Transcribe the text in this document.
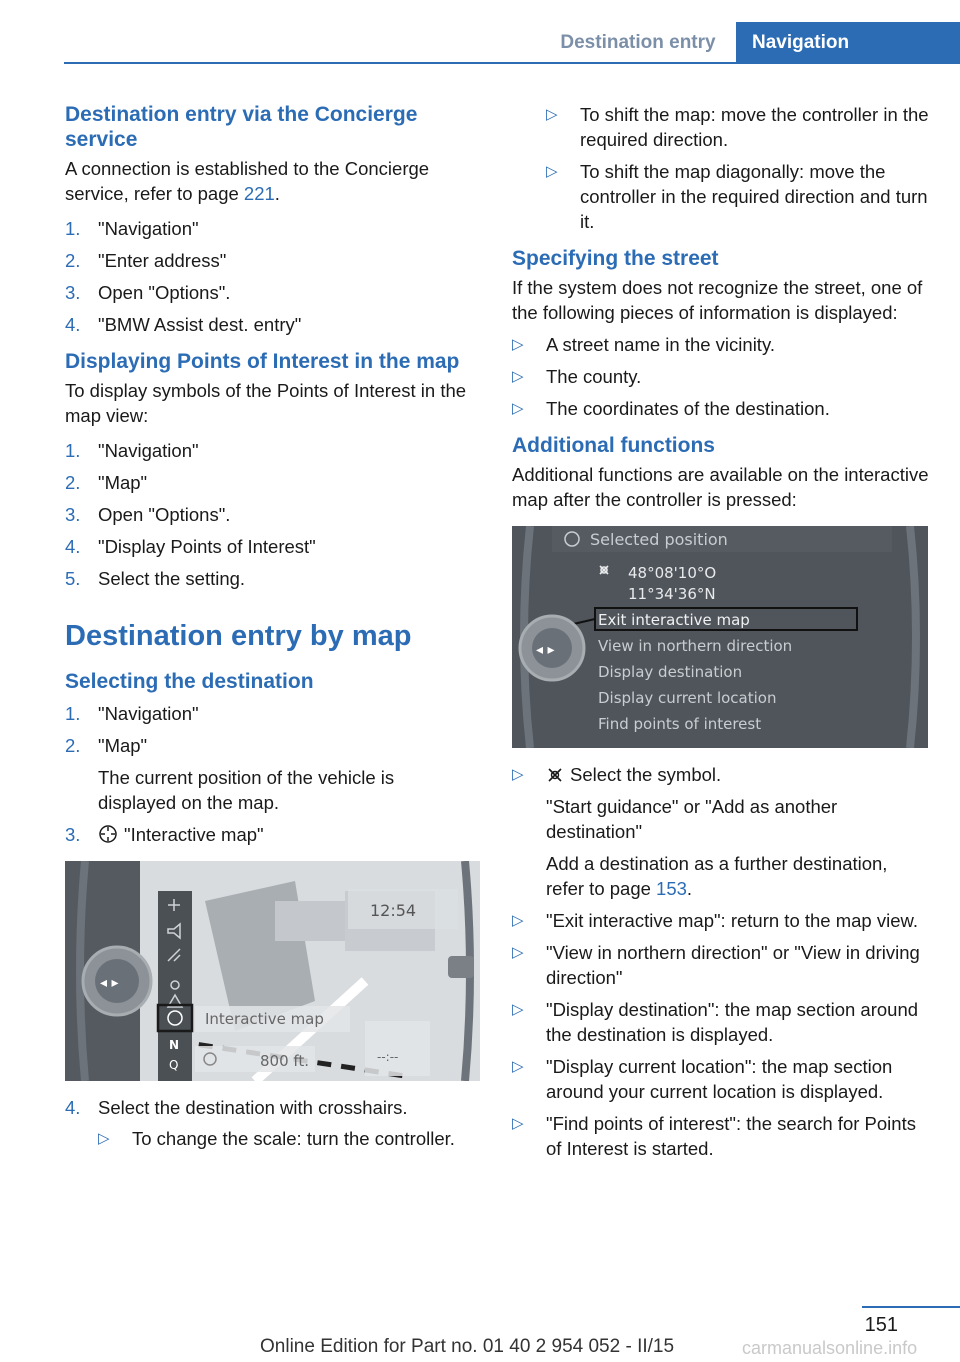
Destination entry	Navigation
Destination entry via the Concierge service

A connection is established to the Concierge service, refer to page 221.

1. "Navigation"
2. "Enter address"
3. Open "Options".
4. "BMW Assist dest. entry"
Displaying Points of Interest in the map

To display symbols of the Points of Interest in the map view:

1. "Navigation"
2. "Map"
3. Open "Options".
4. "Display Points of Interest"
5. Select the setting.
Destination entry by map
Selecting the destination
1. "Navigation"
2. "Map"
The current position of the vehicle is displayed on the map.
3.	"Interactive map"
N
Q
12:54
Interactive map
800 ft.	--:--
◂ ▸
4. Select the destination with crosshairs.
▷	To change the scale: turn the controller.
▷	To shift the map: move the controller in the required direction.
▷	To shift the map diagonally: move the controller in the required direction and turn it.
Specifying the street

If the system does not recognize the street, one of the following pieces of information is displayed:

▷	A street name in the vicinity.
▷	The county.
▷	The coordinates of the destination.
Additional functions

Additional functions are available on the interactive map after the controller is pressed:

Selected position
48°08'10°O
11°34'36°N
Exit interactive map
View in northern direction
Display destination
Display current location
Find points of interest
◂ ▸
▷	Select the symbol.
"Start guidance" or "Add as another destination"
Add a destination as a further destination, refer to page 153.
▷	"Exit interactive map": return to the map view.
▷	"View in northern direction" or "View in driving direction"
▷	"Display destination": the map section around the destination is displayed.
▷	"Display current location": the map section around your current location is displayed.
▷	"Find points of interest": the search for Points of Interest is started.
151
Online Edition for Part no. 01 40 2 954 052 - II/15	carmanualsonline.info
